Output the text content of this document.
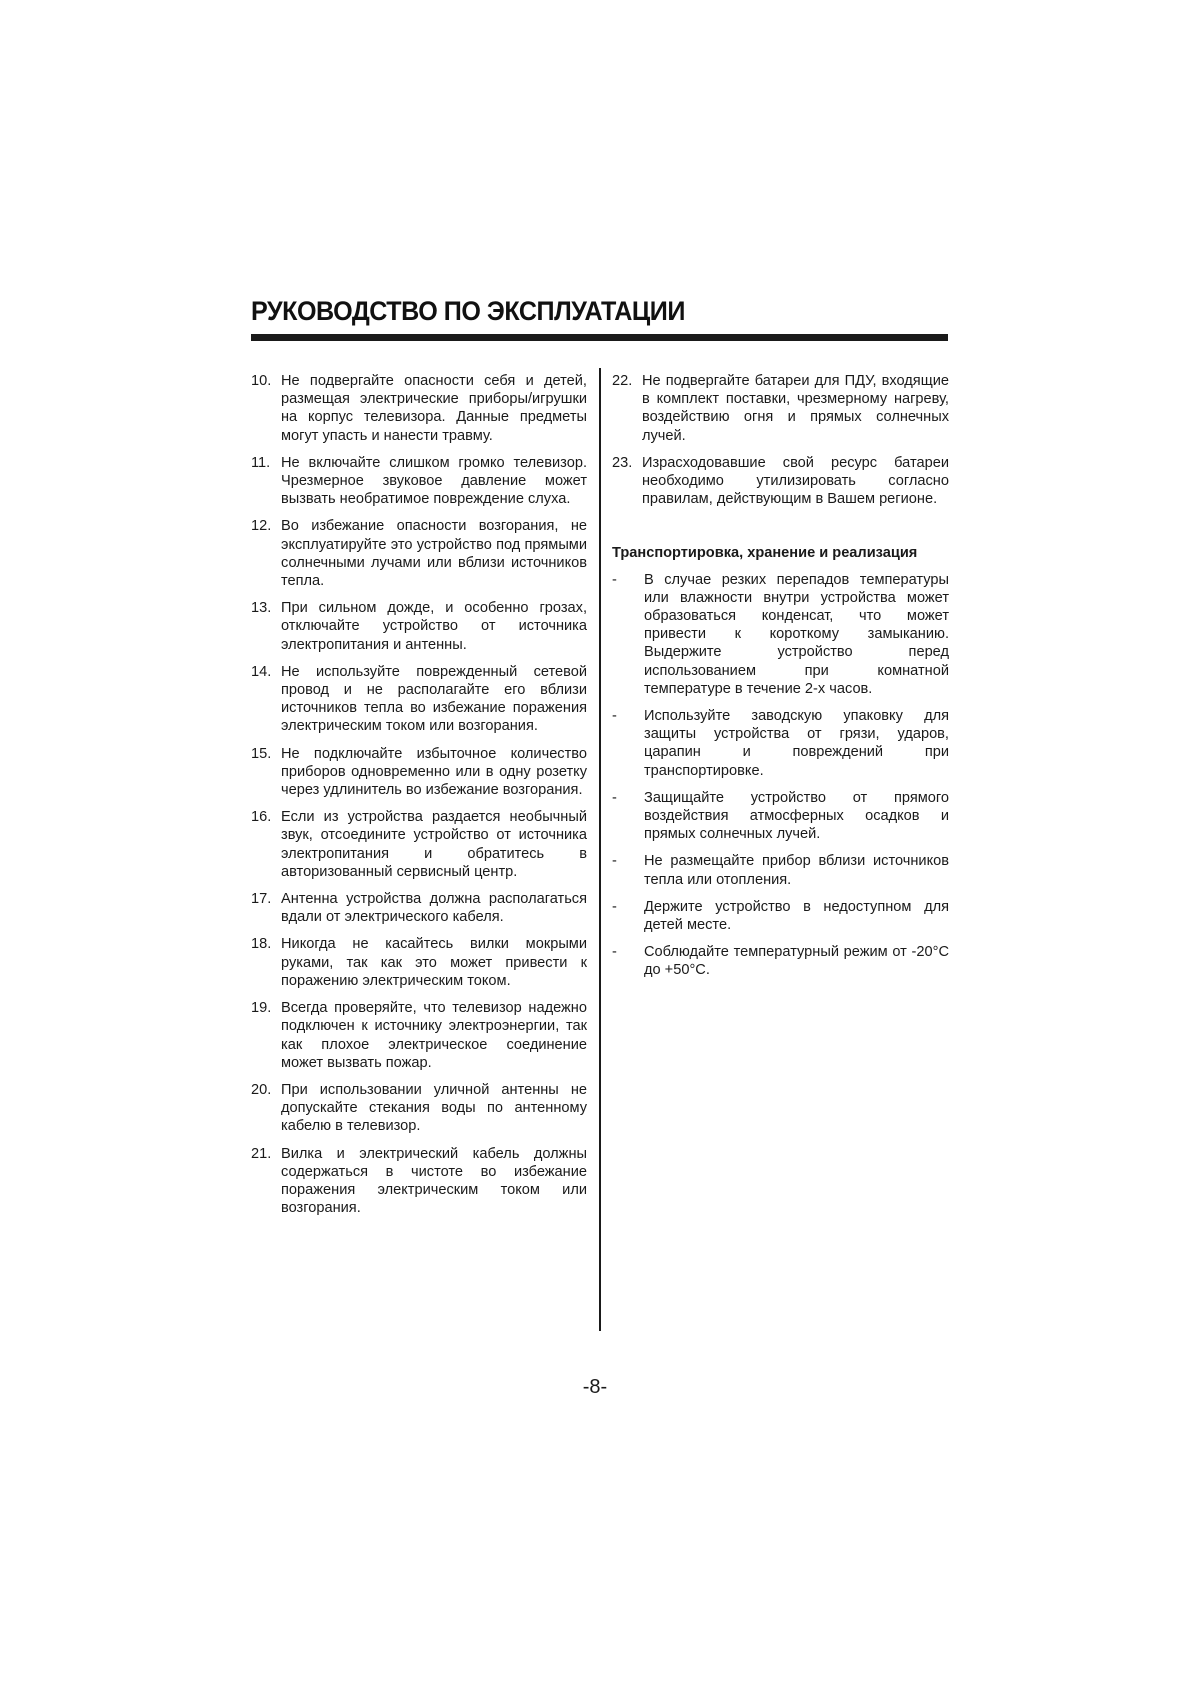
РУКОВОДСТВО ПО ЭКСПЛУАТАЦИИ
10. Не подвергайте опасности себя и детей, размещая электрические приборы/игрушки на корпус телевизора. Данные предметы могут упасть и нанести травму.
11. Не включайте слишком громко телевизор. Чрезмерное звуковое давление может вызвать необратимое повреждение слуха.
12. Во избежание опасности возгорания, не эксплуатируйте это устройство под прямыми солнечными лучами или вблизи источников тепла.
13. При сильном дожде, и особенно грозах, отключайте устройство от источника электропитания и антенны.
14. Не используйте поврежденный сетевой провод и не располагайте его вблизи источников тепла во избежание поражения электрическим током или возгорания.
15. Не подключайте избыточное количество приборов одновременно или в одну розетку через удлинитель во избежание возгорания.
16. Если из устройства раздается необычный звук, отсоедините устройство от источника электропитания и обратитесь в авторизованный сервисный центр.
17. Антенна устройства должна располагаться вдали от электрического кабеля.
18. Никогда не касайтесь вилки мокрыми руками, так как это может привести к поражению электрическим током.
19. Всегда проверяйте, что телевизор надежно подключен к источнику электроэнергии, так как плохое электрическое соединение может вызвать пожар.
20. При использовании уличной антенны не допускайте стекания воды по антенному кабелю в телевизор.
21. Вилка и электрический кабель должны содержаться в чистоте во избежание поражения электрическим током или возгорания.
22. Не подвергайте батареи для ПДУ, входящие в комплект поставки, чрезмерному нагреву, воздействию огня и прямых солнечных лучей.
23. Израсходовавшие свой ресурс батареи необходимо утилизировать согласно правилам, действующим в Вашем регионе.
Транспортировка, хранение и реализация
-	В случае резких перепадов температуры или влажности внутри устройства может образоваться конденсат, что может привести к короткому замыканию. Выдержите устройство перед использованием при комнатной температуре в течение 2-х часов.
-	Используйте заводскую упаковку для защиты устройства от грязи, ударов, царапин и повреждений при транспортировке.
-	Защищайте устройство от прямого воздействия атмосферных осадков и прямых солнечных лучей.
-	Не размещайте прибор вблизи источников тепла или отопления.
-	Держите устройство в недоступном для детей месте.
-	Соблюдайте температурный режим от -20°С до +50°С.
-8-
